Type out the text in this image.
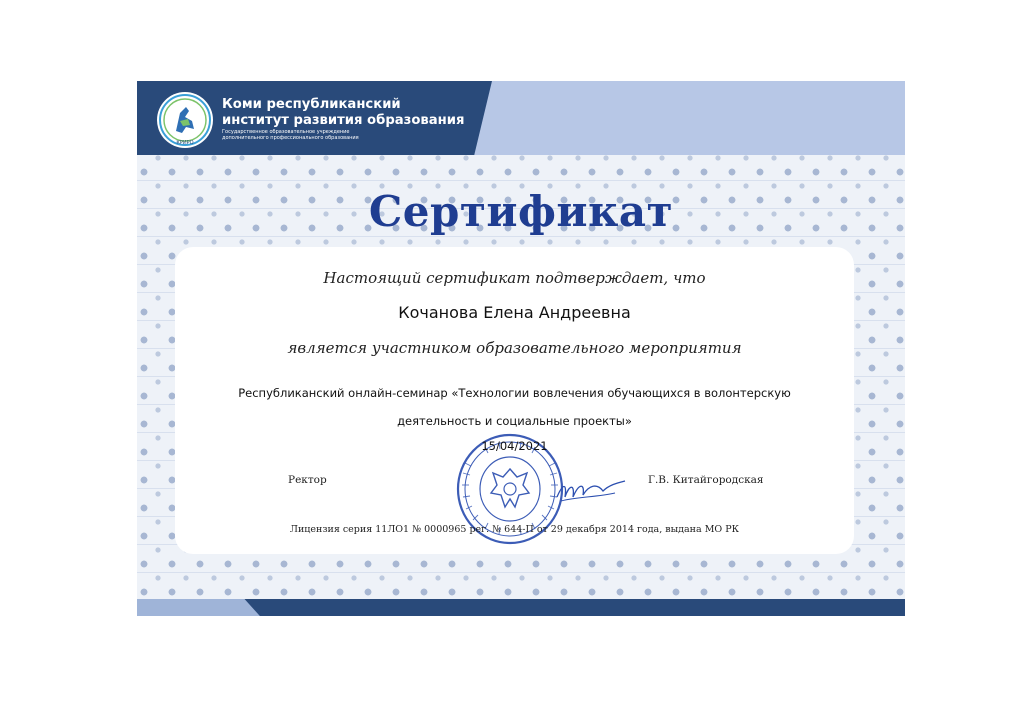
КРИРО
Коми республиканский
институт развития образования
Государственное образовательное учреждение
дополнительного профессионального образования
Сертификат

Настоящий сертификат подтверждает, что

Кочанова Елена Андреевна

является участником образовательного мероприятия

Республиканский онлайн-семинар «Технологии вовлечения обучающихся в волонтерскую
деятельность и социальные проекты»

15/04/2021

Ректор	Г.В. Китайгородская

Лицензия серия 11ЛО1 № 0000965 рег. № 644-П от 29 декабря 2014 года, выдана МО РК
